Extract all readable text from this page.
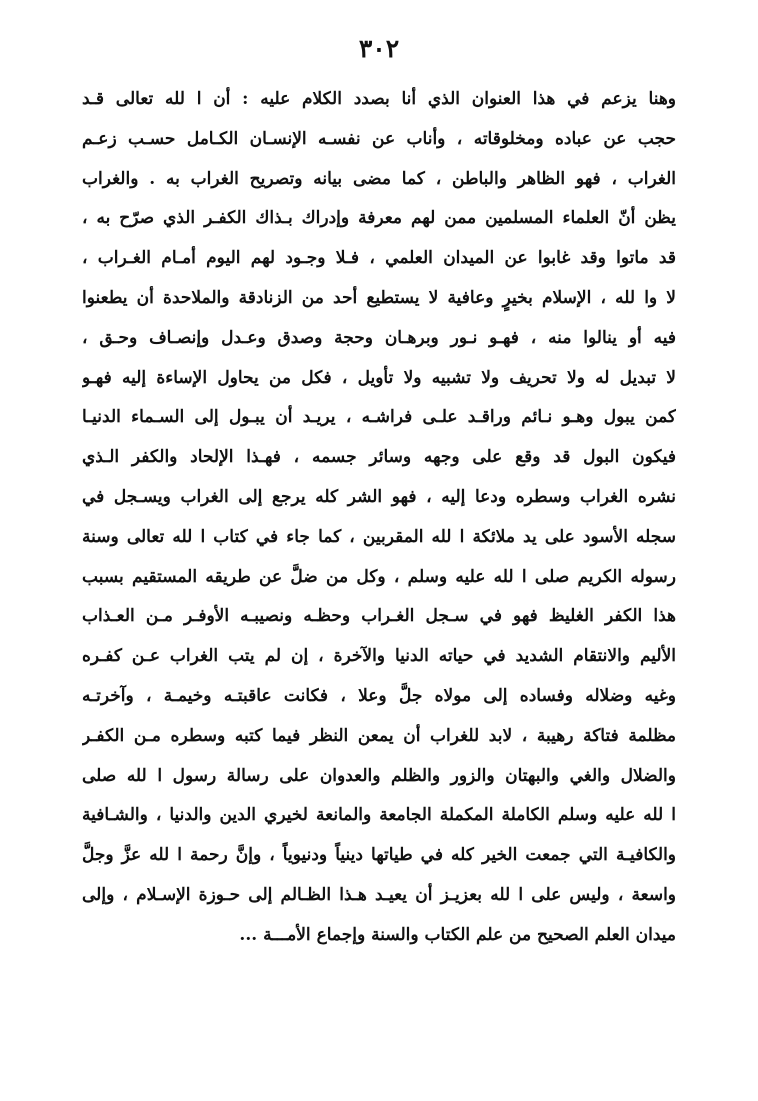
٣٠٢
وهنا يزعم في هذا العنوان الذي أنا بصدد الكلام عليه : أن ا لله تعالى قـد
حجب عن عباده ومخلوقاته ، وأناب عن نفسـه الإنسـان الكـامل حسـب زعـم
الغراب ، فهو الظاهر والباطن ، كما مضى بيانه وتصريح الغراب به . والغراب
يظن أنّ العلماء المسلمين ممن لهم معرفة وإدراك بـذاك الكفـر الذي صرّح به ،
قد ماتوا وقد غابوا عن الميدان العلمي ، فـلا وجـود لهم اليوم أمـام الغـراب ،
لا وا لله ، الإسلام بخيرٍ وعافية لا يستطيع أحد من الزنادقة والملاحدة أن يطعنوا
فيه أو ينالوا منه ، فهـو نـور وبرهـان وحجة وصدق وعـدل وإنصـاف وحـق ،
لا تبديل له ولا تحريف ولا تشبيه ولا تأويل ، فكل من يحاول الإساءة إليه فهـو
كمن يبول وهـو نـائم وراقـد علـى فراشـه ، يريـد أن يبـول إلى السـماء الدنيـا
فيكون البول قد وقع على وجهه وسائر جسمه ، فهـذا الإلحاد والكفر الـذي
نشره الغراب وسطره ودعا إليه ، فهو الشر كله يرجع إلى الغراب ويسـجل في
سجله الأسود على يد ملائكة ا لله المقربين ، كما جاء في كتاب ا لله تعالى وسنة
رسوله الكريم صلى ا لله عليه وسلم ، وكل من ضلَّ عن طريقه المستقيم بسبب
هذا الكفر الغليظ فهو في سـجل الغـراب وحظـه ونصيبـه الأوفـر مـن العـذاب
الأليم والانتقام الشديد في حياته الدنيا والآخرة ، إن لم يتب الغراب عـن كفـره
وغيه وضلاله وفساده إلى مولاه جلَّ وعلا ، فكانت عاقبتـه وخيمـة ، وآخرتـه
مظلمة فتاكة رهيبة ، لابد للغراب أن يمعن النظر فيما كتبه وسطره مـن الكفـر
والضلال والغي والبهتان والزور والظلم والعدوان على رسالة رسول ا لله صلى
ا لله عليه وسلم الكاملة المكملة الجامعة والمانعة لخيري الدين والدنيا ، والشـافية
والكافيـة التي جمعت الخير كله في طياتها دينياً ودنيوياً ، وإنَّ رحمة ا لله عزَّ وجلَّ
واسعة ، وليس على ا لله بعزيـز أن يعيـد هـذا الظـالم إلى حـوزة الإسـلام ، وإلى
ميدان العلم الصحيح من علم الكتاب والسنة وإجماع الأمـــة ...
